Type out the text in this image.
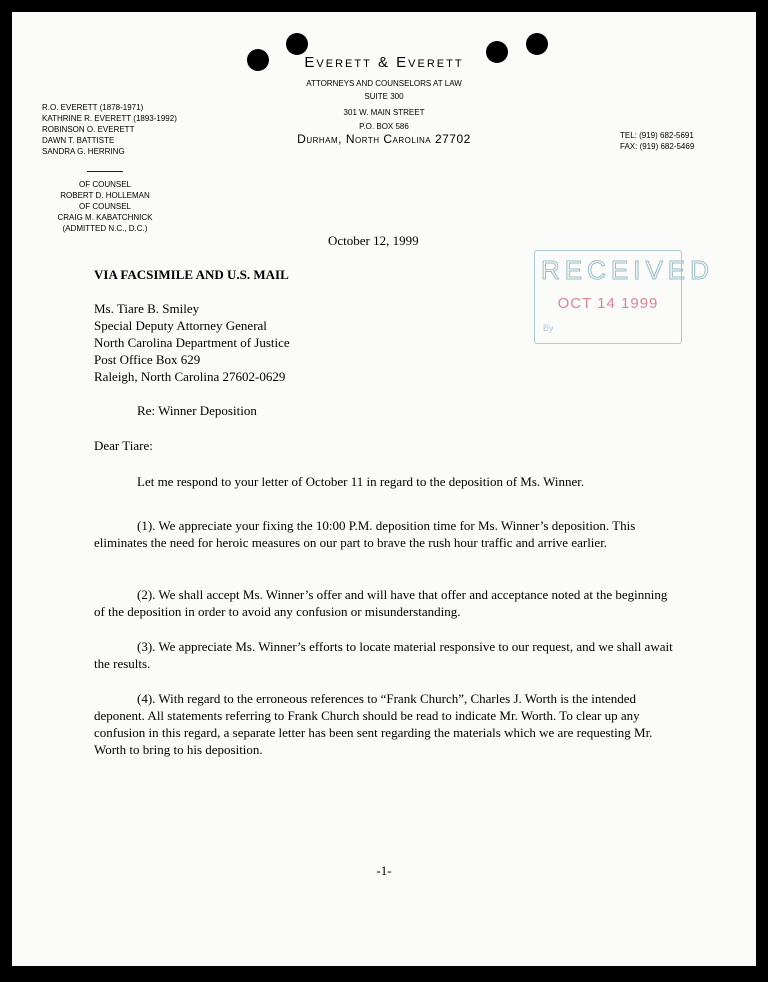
Everett & Everett
ATTORNEYS AND COUNSELORS AT LAW
SUITE 300
301 W. MAIN STREET
P.O. BOX 586
Durham, North Carolina 27702
R.O. EVERETT (1878-1971)
KATHRINE R. EVERETT (1893-1992)
ROBINSON O. EVERETT
DAWN T. BATTISTE
SANDRA G. HERRING
OF COUNSEL
ROBERT D. HOLLEMAN
OF COUNSEL
CRAIG M. KABATCHNICK
(ADMITTED N.C., D.C.)
TEL: (919) 682-5691
FAX: (919) 682-5469
RECEIVED
OCT 14 1999
By
October 12, 1999
VIA FACSIMILE AND U.S. MAIL
Ms. Tiare B. Smiley
Special Deputy Attorney General
North Carolina Department of Justice
Post Office Box 629
Raleigh, North Carolina 27602-0629
Re: Winner Deposition
Dear Tiare:
Let me respond to your letter of October 11 in regard to the deposition of Ms. Winner.
(1). We appreciate your fixing the 10:00 P.M. deposition time for Ms. Winner’s deposition. This eliminates the need for heroic measures on our part to brave the rush hour traffic and arrive earlier.
(2). We shall accept Ms. Winner’s offer and will have that offer and acceptance noted at the beginning of the deposition in order to avoid any confusion or misunderstanding.
(3). We appreciate Ms. Winner’s efforts to locate material responsive to our request, and we shall await the results.
(4). With regard to the erroneous references to “Frank Church”, Charles J. Worth is the intended deponent. All statements referring to Frank Church should be read to indicate Mr. Worth. To clear up any confusion in this regard, a separate letter has been sent regarding the materials which we are requesting Mr. Worth to bring to his deposition.
-1-
